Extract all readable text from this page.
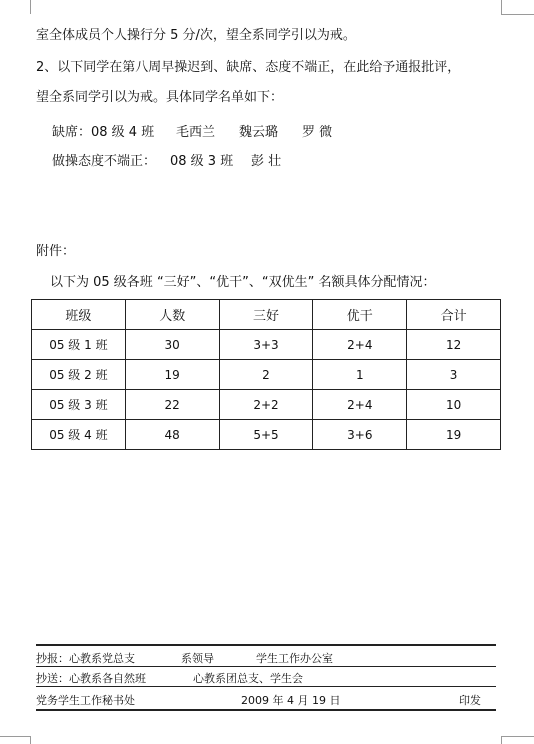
室全体成员个人操行分 5 分/次，望全系同学引以为戒。
2、以下同学在第八周早操迟到、缺席、态度不端正，在此给予通报批评，
望全系同学引以为戒。具体同学名单如下：
缺席：08 级 4 班 毛西兰 魏云璐 罗 微
做操态度不端正： 08 级 3 班 彭 壮
附件：
以下为 05 级各班 “三好”、“优干”、“双优生” 名额具体分配情况：
班级	人数	三好	优干	合计
05 级 1 班	30	3+3	2+4	12
05 级 2 班	19	2	1	3
05 级 3 班	22	2+2	2+4	10
05 级 4 班	48	5+5	3+6	19
抄报：心教系党总支	系领导	学生工作办公室
抄送：心教系各自然班	心教系团总支、学生会
党务学生工作秘书处	2009 年 4 月 19 日	印发
